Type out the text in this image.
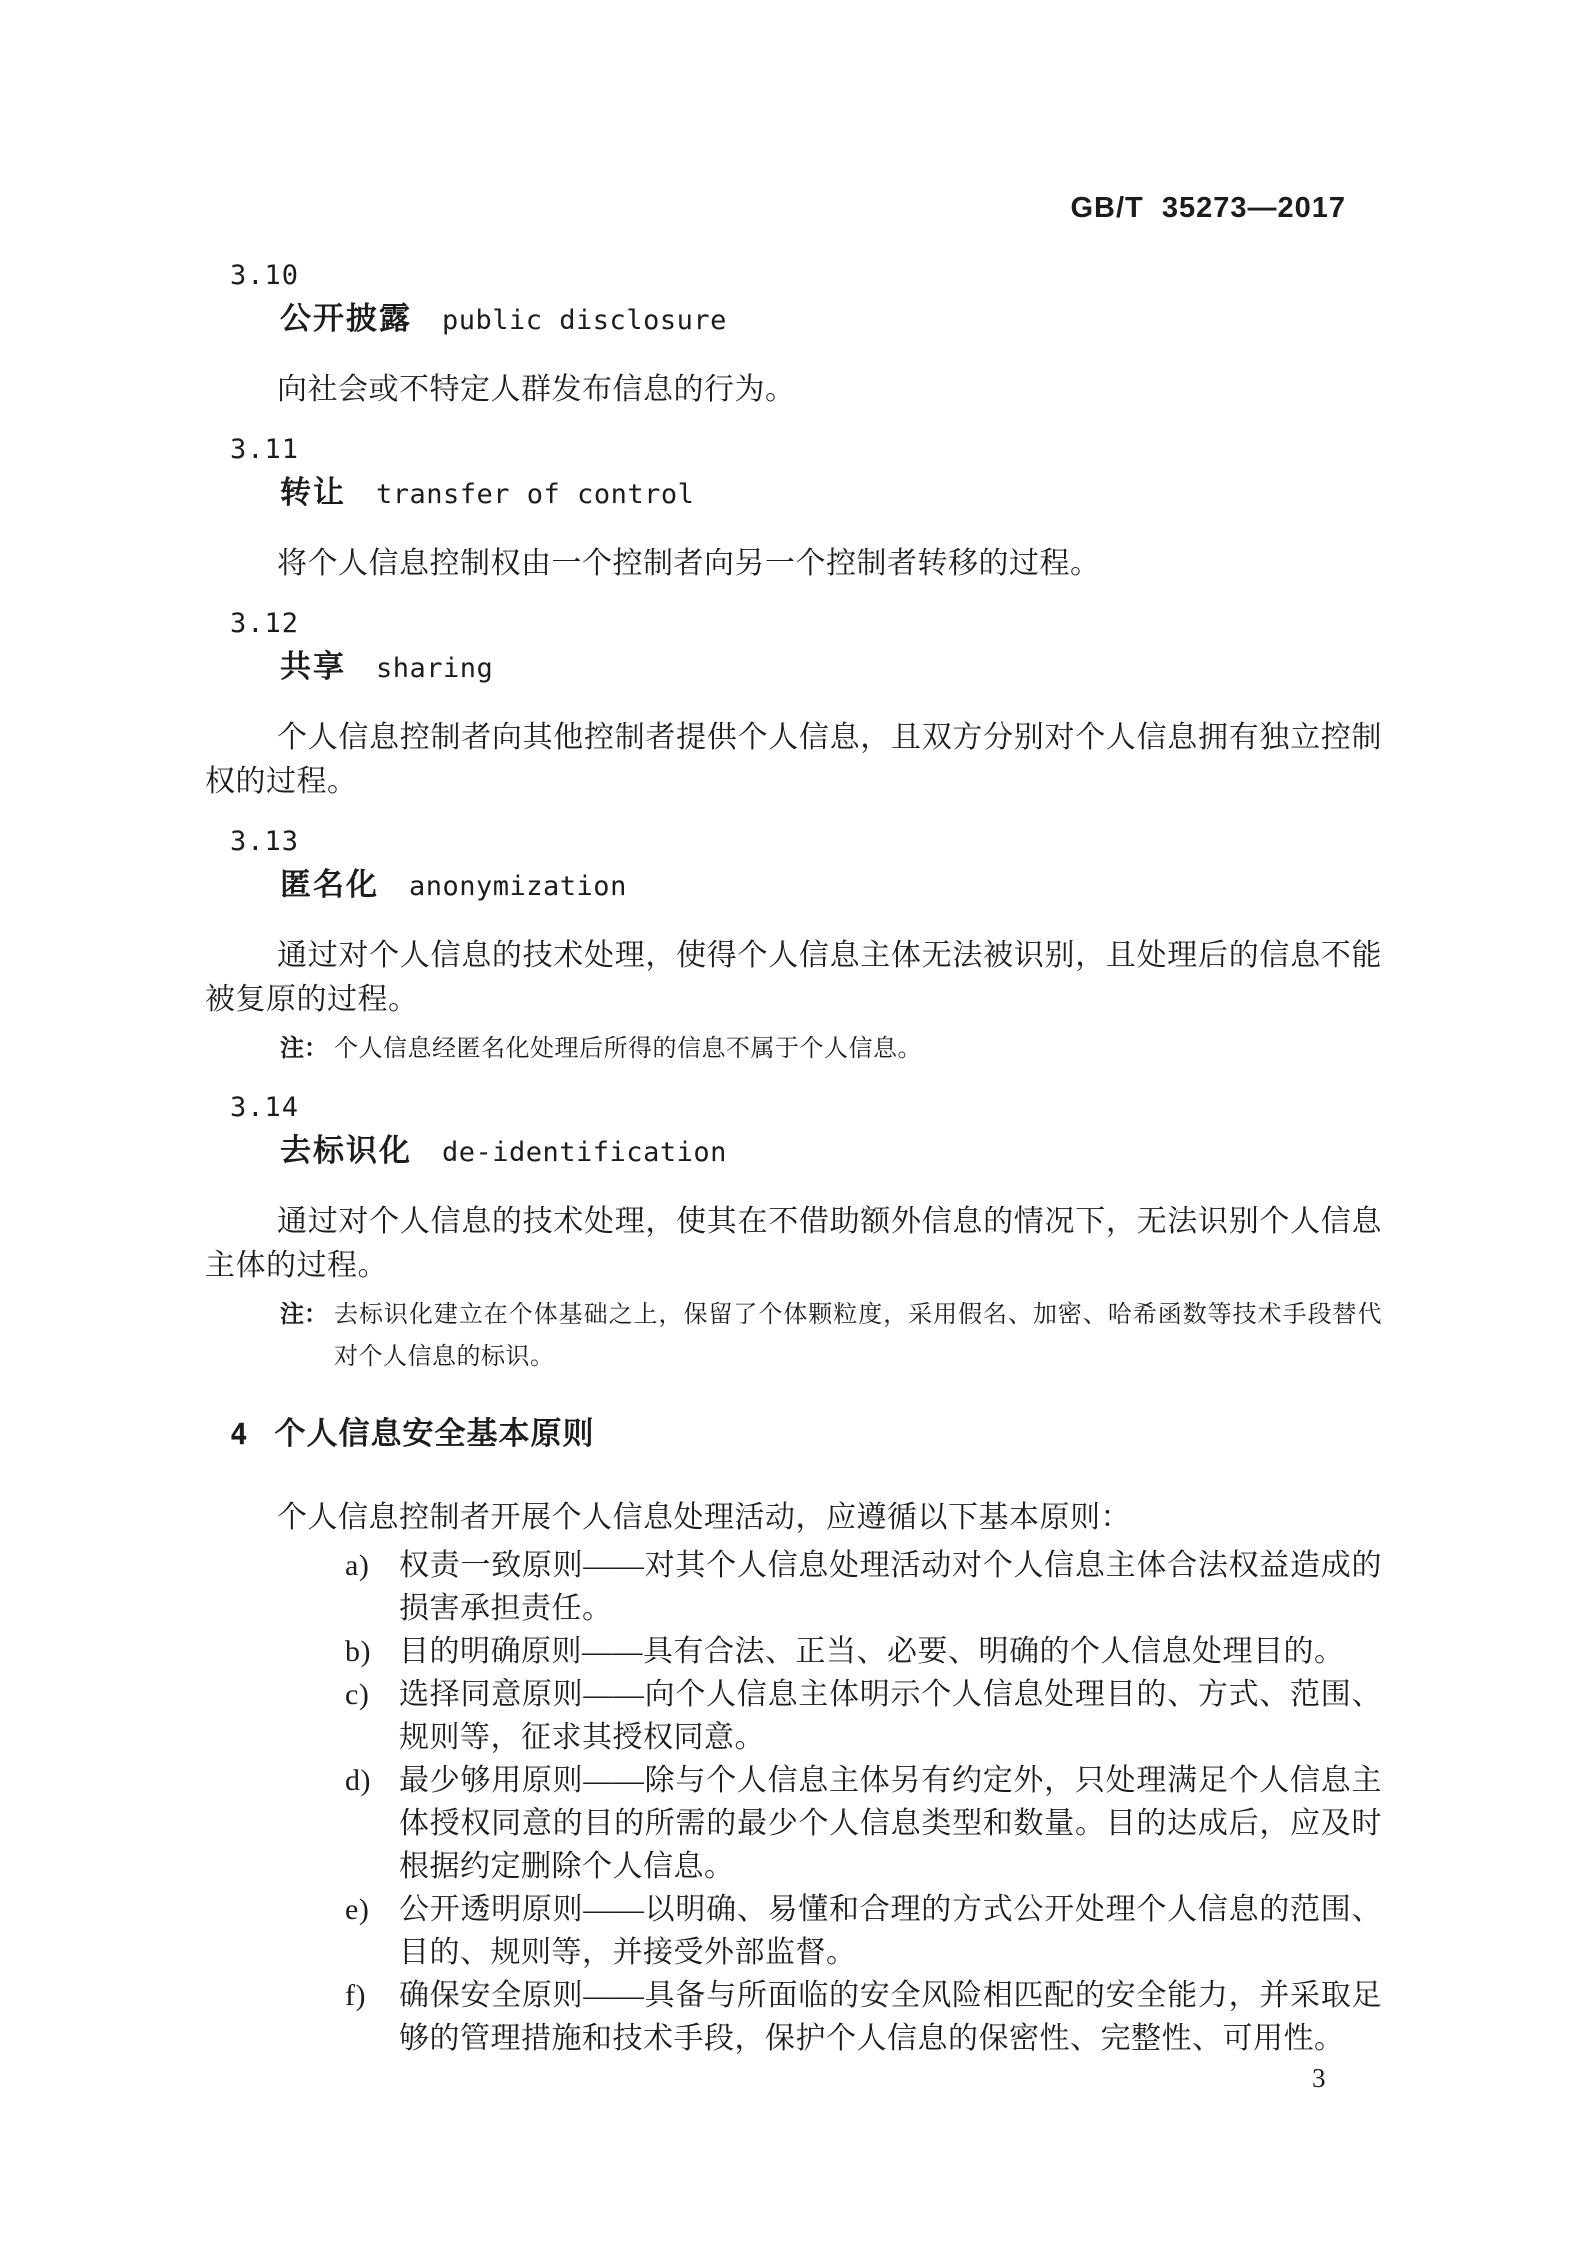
GB/T  35273—2017
3.10
公开披露 public disclosure

向社会或不特定人群发布信息的行为。

3.11
转让 transfer of control

将个人信息控制权由一个控制者向另一个控制者转移的过程。

3.12
共享 sharing

个人信息控制者向其他控制者提供个人信息，且双方分别对个人信息拥有独立控制权的过程。

3.13
匿名化 anonymization

通过对个人信息的技术处理，使得个人信息主体无法被识别，且处理后的信息不能被复原的过程。

注： 个人信息经匿名化处理后所得的信息不属于个人信息。
3.14
去标识化 de-identification

通过对个人信息的技术处理，使其在不借助额外信息的情况下，无法识别个人信息主体的过程。

注： 去标识化建立在个体基础之上，保留了个体颗粒度，采用假名、加密、哈希函数等技术手段替代对个人信息的标识。
4 个人信息安全基本原则

个人信息控制者开展个人信息处理活动，应遵循以下基本原则：

a) 权责一致原则——对其个人信息处理活动对个人信息主体合法权益造成的损害承担责任。
b) 目的明确原则——具有合法、正当、必要、明确的个人信息处理目的。
c) 选择同意原则——向个人信息主体明示个人信息处理目的、方式、范围、规则等，征求其授权同意。
d) 最少够用原则——除与个人信息主体另有约定外，只处理满足个人信息主体授权同意的目的所需的最少个人信息类型和数量。目的达成后，应及时根据约定删除个人信息。
e) 公开透明原则——以明确、易懂和合理的方式公开处理个人信息的范围、目的、规则等，并接受外部监督。
f)	确保安全原则——具备与所面临的安全风险相匹配的安全能力，并采取足够的管理措施和技术手段，保护个人信息的保密性、完整性、可用性。
3
